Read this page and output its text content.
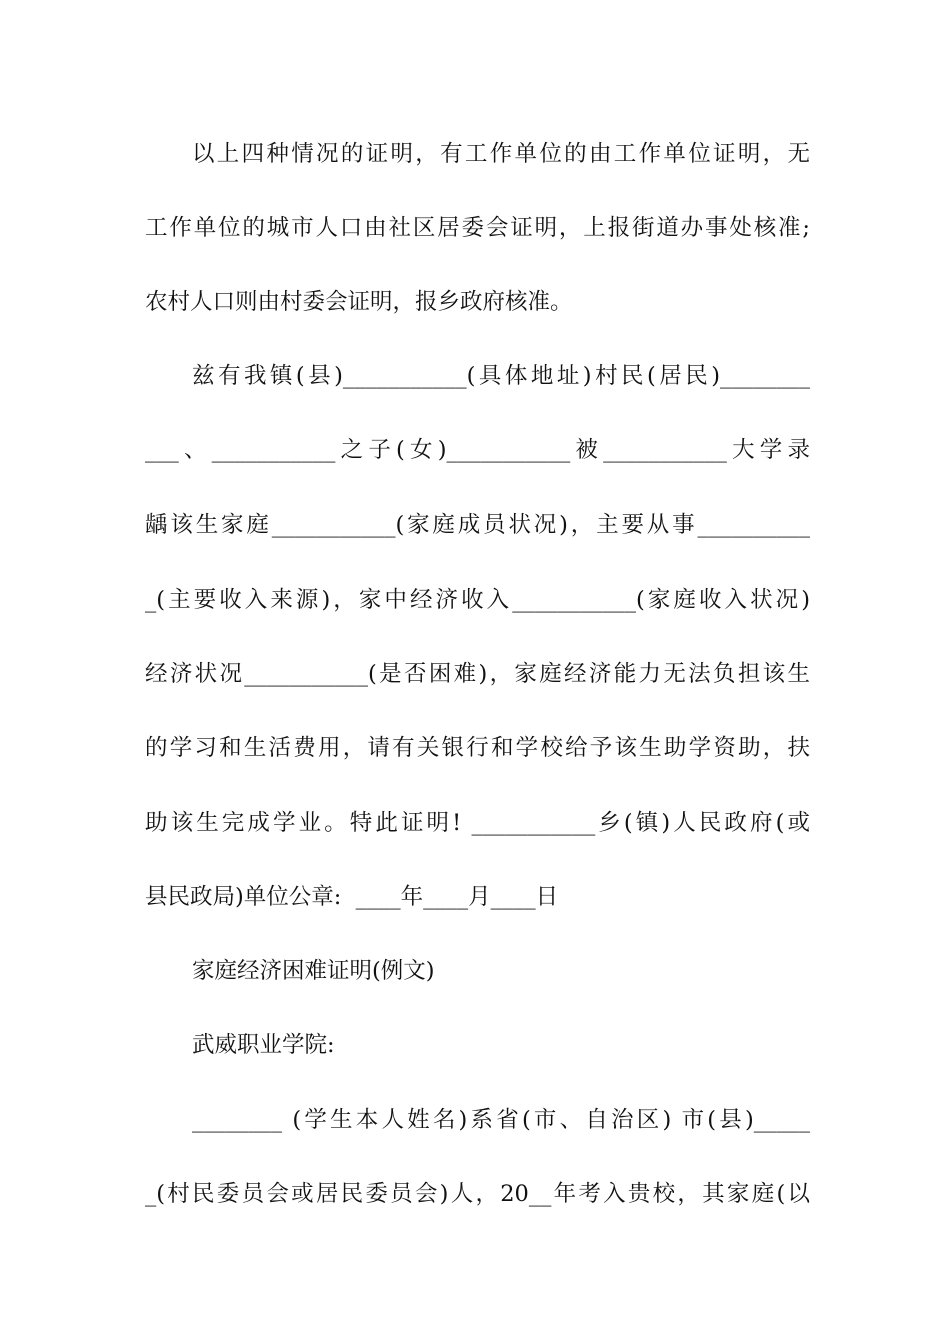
以上四种情况的证明，有工作单位的由工作单位证明，无
工作单位的城市人口由社区居委会证明，上报街道办事处核准;
农村人口则由村委会证明，报乡政府核准。
兹有我镇(县)___________(具体地址)村民(居民)________
___、___________之子(女)___________被___________大学录
龋该生家庭___________(家庭成员状况)，主要从事__________
_(主要收入来源)，家中经济收入___________(家庭收入状况)
经济状况___________(是否困难)，家庭经济能力无法负担该生
的学习和生活费用，请有关银行和学校给予该生助学资助，扶
助该生完成学业。特此证明! ___________乡(镇)人民政府(或
县民政局)单位公章:  ____年____月____日
家庭经济困难证明(例文)
武威职业学院:
________ (学生本人姓名)系省(市、自治区) 市(县)_____
_(村民委员会或居民委员会)人，20__年考入贵校，其家庭(以
